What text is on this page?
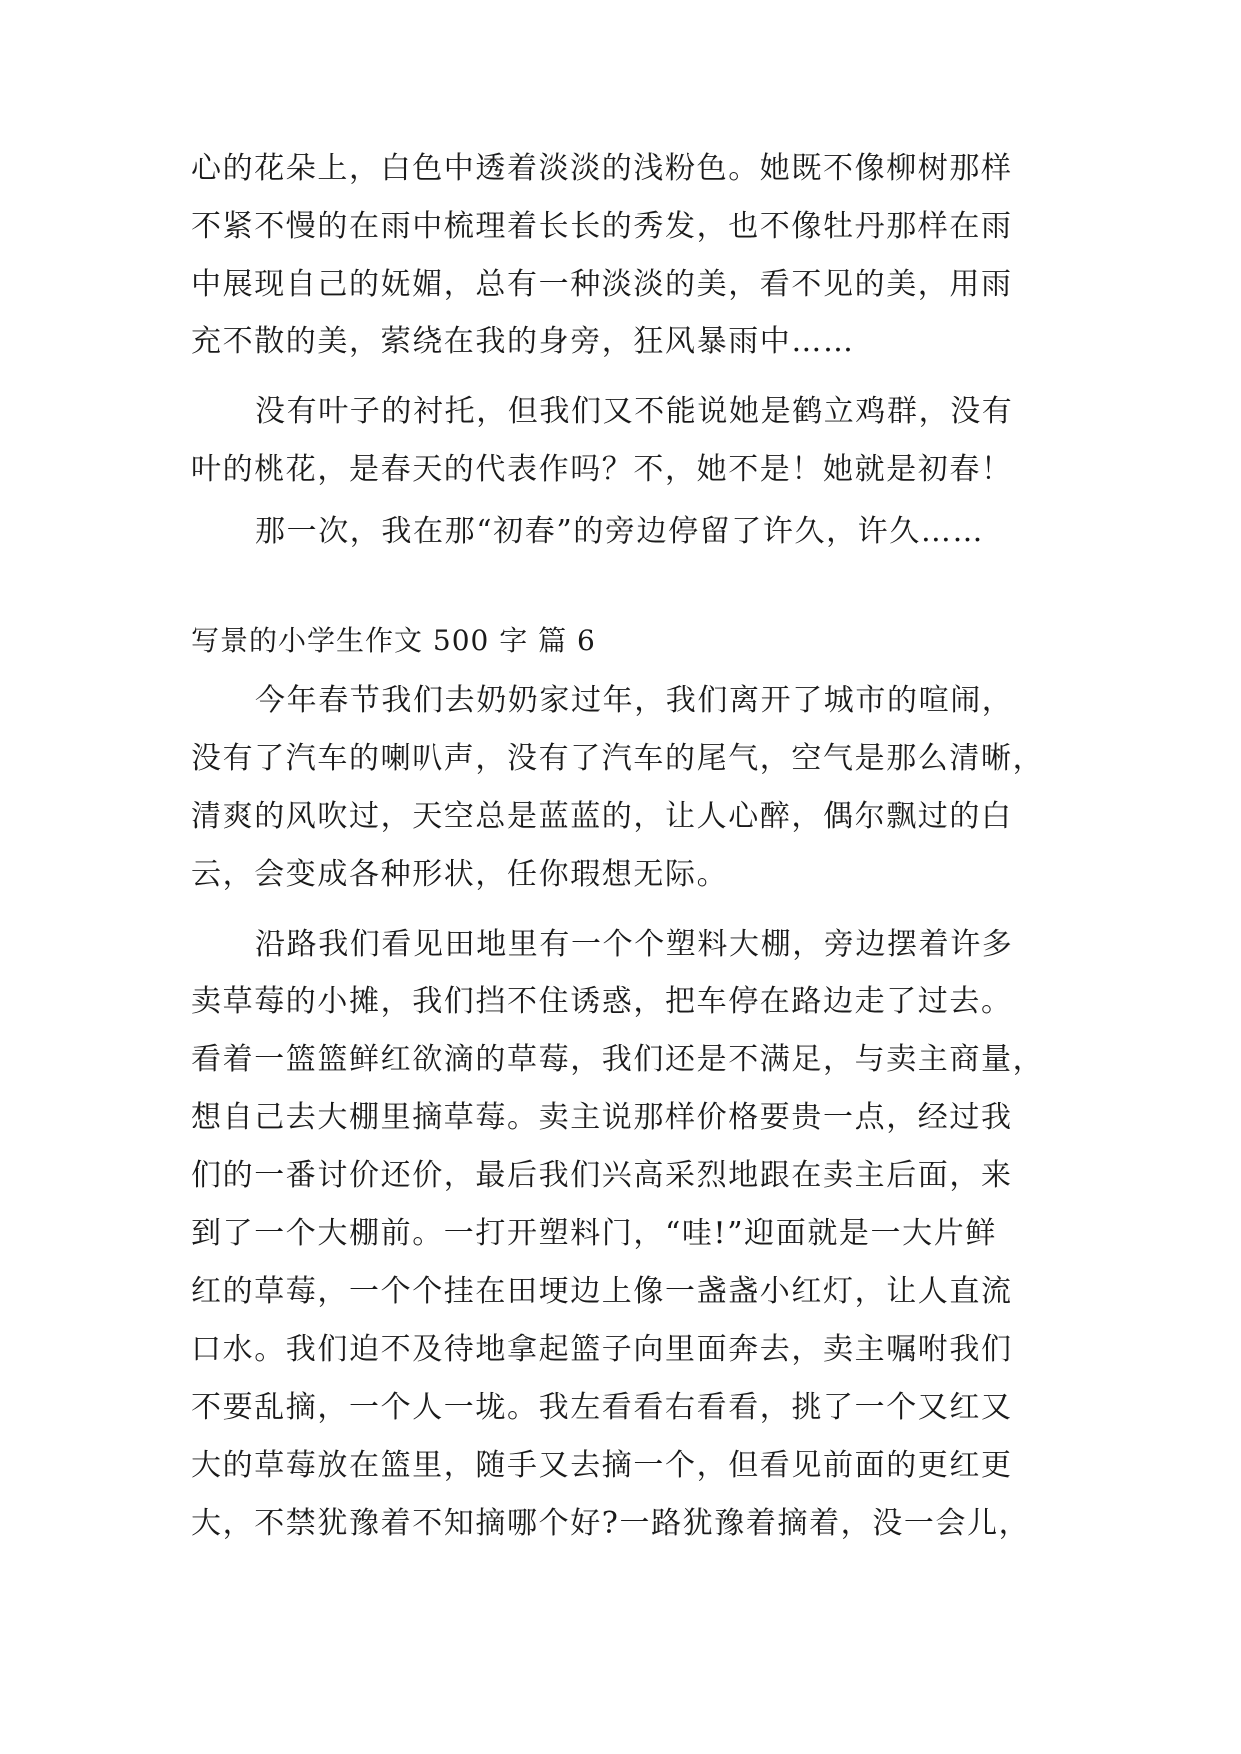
心的花朵上，白色中透着淡淡的浅粉色。她既不像柳树那样
不紧不慢的在雨中梳理着长长的秀发，也不像牡丹那样在雨
中展现自己的妩媚，总有一种淡淡的美，看不见的美，用雨
充不散的美，萦绕在我的身旁，狂风暴雨中……
没有叶子的衬托，但我们又不能说她是鹤立鸡群，没有
叶的桃花，是春天的代表作吗？不，她不是！她就是初春！
那一次，我在那“初春”的旁边停留了许久，许久……
写景的小学生作文 500 字 篇 6
今年春节我们去奶奶家过年，我们离开了城市的喧闹，
没有了汽车的喇叭声，没有了汽车的尾气，空气是那么清晰，
清爽的风吹过，天空总是蓝蓝的，让人心醉，偶尔飘过的白
云，会变成各种形状，任你瑕想无际。
沿路我们看见田地里有一个个塑料大棚，旁边摆着许多
卖草莓的小摊，我们挡不住诱惑，把车停在路边走了过去。
看着一篮篮鲜红欲滴的草莓，我们还是不满足，与卖主商量，
想自己去大棚里摘草莓。卖主说那样价格要贵一点，经过我
们的一番讨价还价，最后我们兴高采烈地跟在卖主后面，来
到了一个大棚前。一打开塑料门，“哇!”迎面就是一大片鲜
红的草莓，一个个挂在田埂边上像一盏盏小红灯，让人直流
口水。我们迫不及待地拿起篮子向里面奔去，卖主嘱咐我们
不要乱摘，一个人一垅。我左看看右看看，挑了一个又红又
大的草莓放在篮里，随手又去摘一个，但看见前面的更红更
大，不禁犹豫着不知摘哪个好?一路犹豫着摘着，没一会儿，
